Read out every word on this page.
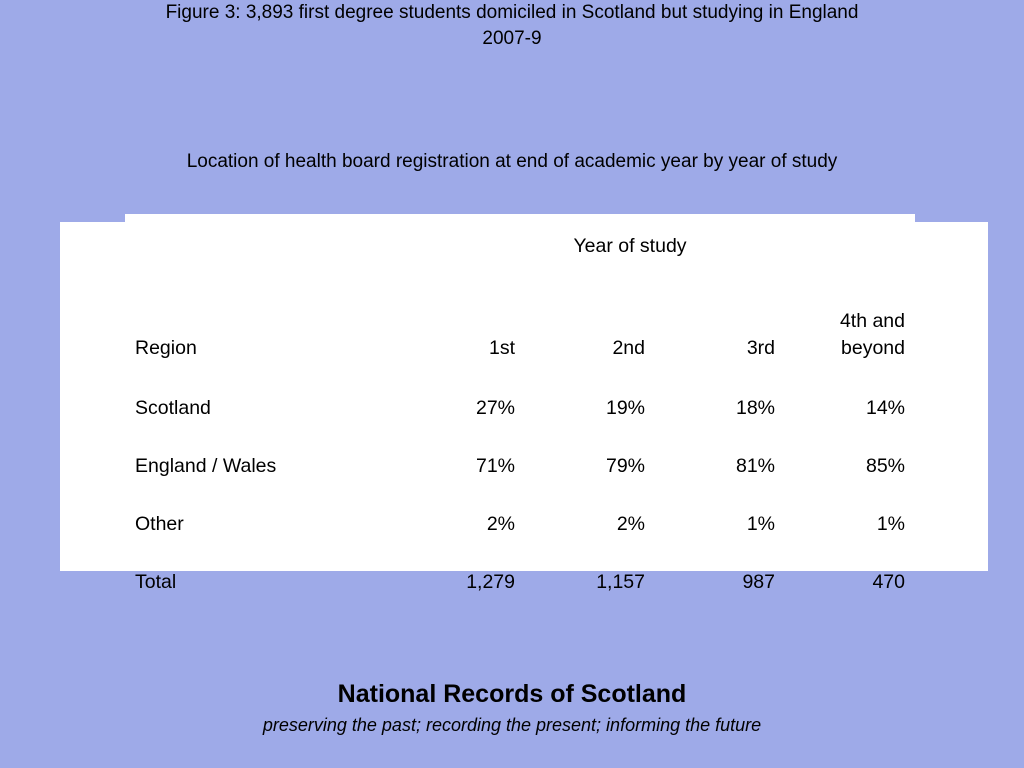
Figure 3: 3,893 first degree students domiciled in Scotland but studying in England
2007-9
Location of health board registration at end of academic year by year of study
	Year of study			
Region	1st	2nd	3rd	4th and
beyond
Scotland	27%	19%	18%	14%
England / Wales	71%	79%	81%	85%
Other	2%	2%	1%	1%
Total	1,279	1,157	987	470
National Records of Scotland
preserving the past; recording the present; informing the future
